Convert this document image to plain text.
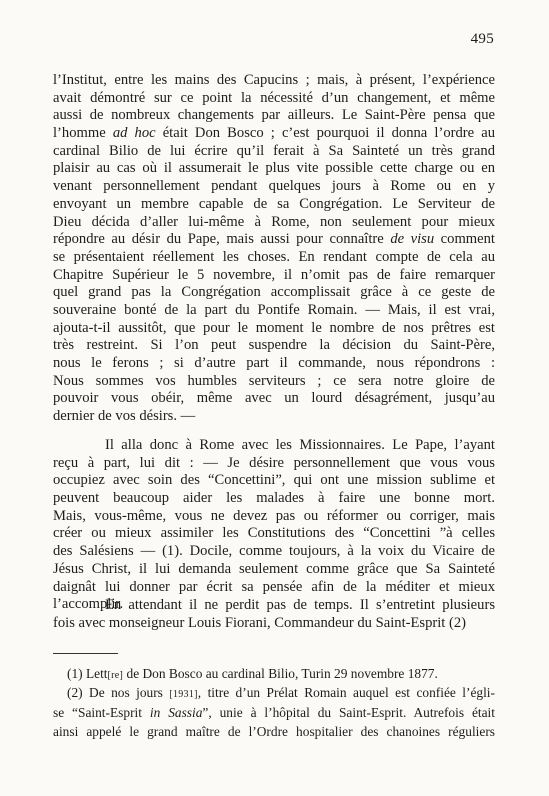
495
l’Institut, entre les mains des Capucins ; mais, à présent, l’expérience
avait démontré sur ce point la nécessité d’un changement, et même
aussi de nombreux changements par ailleurs. Le Saint-Père pensa que
l’homme ad hoc était Don Bosco ; c’est pourquoi il donna l’ordre au
cardinal Bilio de lui écrire qu’il ferait à Sa Sainteté un très grand
plaisir au cas où il assumerait le plus vite possible cette charge ou en
venant personnellement pendant quelques jours à Rome ou en y
envoyant un membre capable de sa Congrégation. Le Serviteur de
Dieu décida d’aller lui-même à Rome, non seulement pour mieux
répondre au désir du Pape, mais aussi pour connaître de visu comment
se présentaient réellement les choses. En rendant compte de cela au
Chapitre Supérieur le 5 novembre, il n’omit pas de faire remarquer
quel grand pas la Congrégation accomplissait grâce à ce geste de
souveraine bonté de la part du Pontife Romain. — Mais, il est vrai,
ajouta-t-il aussitôt, que pour le moment le nombre de nos prêtres est
très restreint. Si l’on peut suspendre la décision du Saint-Père,
nous le ferons ; si d’autre part il commande, nous répondrons :
Nous sommes vos humbles serviteurs ; ce sera notre gloire de
pouvoir vous obéir, même avec un lourd désagrément, jusqu’au
dernier de vos désirs. —
Il alla donc à Rome avec les Missionnaires. Le Pape, l’ayant
reçu à part, lui dit : — Je désire personnellement que vous vous
occupiez avec soin des “Concettini”, qui ont une mission sublime et
peuvent beaucoup aider les malades à faire une bonne mort.
Mais, vous-même, vous ne devez pas ou réformer ou corriger, mais
créer ou mieux assimiler les Constitutions des “Concettini ”à celles
des Salésiens — (1). Docile, comme toujours, à la voix du Vicaire de
Jésus Christ, il lui demanda seulement comme grâce que Sa Sainteté
daignât lui donner par écrit sa pensée afin de la méditer et mieux
l’accomplir.
En attendant il ne perdit pas de temps. Il s’entretint plusieurs
fois avec monseigneur Louis Fiorani, Commandeur du Saint-Esprit (2)
(1) Lett[re] de Don Bosco au cardinal Bilio, Turin 29 novembre 1877.
(2) De nos jours [1931], titre d’un Prélat Romain auquel est confiée l’égli-
se “Saint-Esprit in Sassia”, unie à l’hôpital du Saint-Esprit. Autrefois était
ainsi appelé le grand maître de l’Ordre hospitalier des chanoines réguliers
